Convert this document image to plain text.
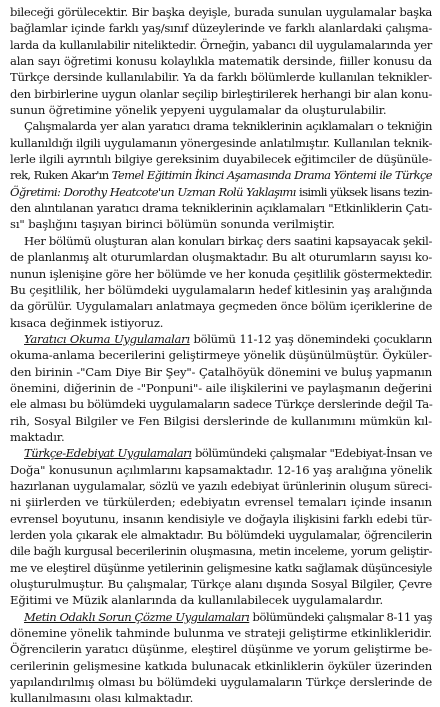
bileceği görülecektir. Bir başka deyişle, burada sunulan uygulamalar başka
bağlamlar içinde farklı yaş/sınıf düzeylerinde ve farklı alanlardaki çalışma-
larda da kullanılabilir niteliktedir. Örneğin, yabancı dil uygulamalarında yer
alan sayı öğretimi konusu kolaylıkla matematik dersinde, fiiller konusu da
Türkçe dersinde kullanılabilir. Ya da farklı bölümlerde kullanılan teknikler-
den birbirlerine uygun olanlar seçilip birleştirilerek herhangi bir alan konu-
sunun öğretimine yönelik yepyeni uygulamalar da oluşturulabilir.
Çalışmalarda yer alan yaratıcı drama tekniklerinin açıklamaları o tekniğin
kullanıldığı ilgili uygulamanın yönergesinde anlatılmıştır. Kullanılan teknik-
lerle ilgili ayrıntılı bilgiye gereksinim duyabilecek eğitimciler de düşünüle-
rek, Ruken Akar'ın Temel Eğitimin İkinci Aşamasında Drama Yöntemi ile Türkçe
Öğretimi: Dorothy Heatcote'un Uzman Rolü Yaklaşımı isimli yüksek lisans tezin-
den alıntılanan yaratıcı drama tekniklerinin açıklamaları "Etkinliklerin Çatı-
sı" başlığını taşıyan birinci bölümün sonunda verilmiştir.
Her bölümü oluşturan alan konuları birkaç ders saatini kapsayacak şekil-
de planlanmış alt oturumlardan oluşmaktadır. Bu alt oturumların sayısı ko-
nunun işlenişine göre her bölümde ve her konuda çeşitlilik göstermektedir.
Bu çeşitlilik, her bölümdeki uygulamaların hedef kitlesinin yaş aralığında
da görülür. Uygulamaları anlatmaya geçmeden önce bölüm içeriklerine de
kısaca değinmek istiyoruz.
Yaratıcı Okuma Uygulamaları bölümü 11-12 yaş dönemindeki çocukların
okuma-anlama becerilerini geliştirmeye yönelik düşünülmüştür. Öyküler-
den birinin -"Cam Diye Bir Şey"- Çatalhöyük dönemini ve buluş yapmanın
önemini, diğerinin de -"Ponpuni"- aile ilişkilerini ve paylaşmanın değerini
ele alması bu bölümdeki uygulamaların sadece Türkçe derslerinde değil Ta-
rih, Sosyal Bilgiler ve Fen Bilgisi derslerinde de kullanımını mümkün kıl-
maktadır.
Türkçe-Edebiyat Uygulamaları bölümündeki çalışmalar "Edebiyat-İnsan ve
Doğa" konusunun açılımlarını kapsamaktadır. 12-16 yaş aralığına yönelik
hazırlanan uygulamalar, sözlü ve yazılı edebiyat ürünlerinin oluşum süreci-
ni şiirlerden ve türkülerden; edebiyatın evrensel temaları içinde insanın
evrensel boyutunu, insanın kendisiyle ve doğayla ilişkisini farklı edebi tür-
lerden yola çıkarak ele almaktadır. Bu bölümdeki uygulamalar, öğrencilerin
dile bağlı kurgusal becerilerinin oluşmasına, metin inceleme, yorum geliştir-
me ve eleştirel düşünme yetilerinin gelişmesine katkı sağlamak düşüncesiyle
oluşturulmuştur. Bu çalışmalar, Türkçe alanı dışında Sosyal Bilgiler, Çevre
Eğitimi ve Müzik alanlarında da kullanılabilecek uygulamalardır.
Metin Odaklı Sorun Çözme Uygulamaları bölümündeki çalışmalar 8-11 yaş
dönemine yönelik tahminde bulunma ve strateji geliştirme etkinlikleridir.
Öğrencilerin yaratıcı düşünme, eleştirel düşünme ve yorum geliştirme be-
cerilerinin gelişmesine katkıda bulunacak etkinliklerin öyküler üzerinden
yapılandırılmış olması bu bölümdeki uygulamaların Türkçe derslerinde de
kullanılmasını olası kılmaktadır.
